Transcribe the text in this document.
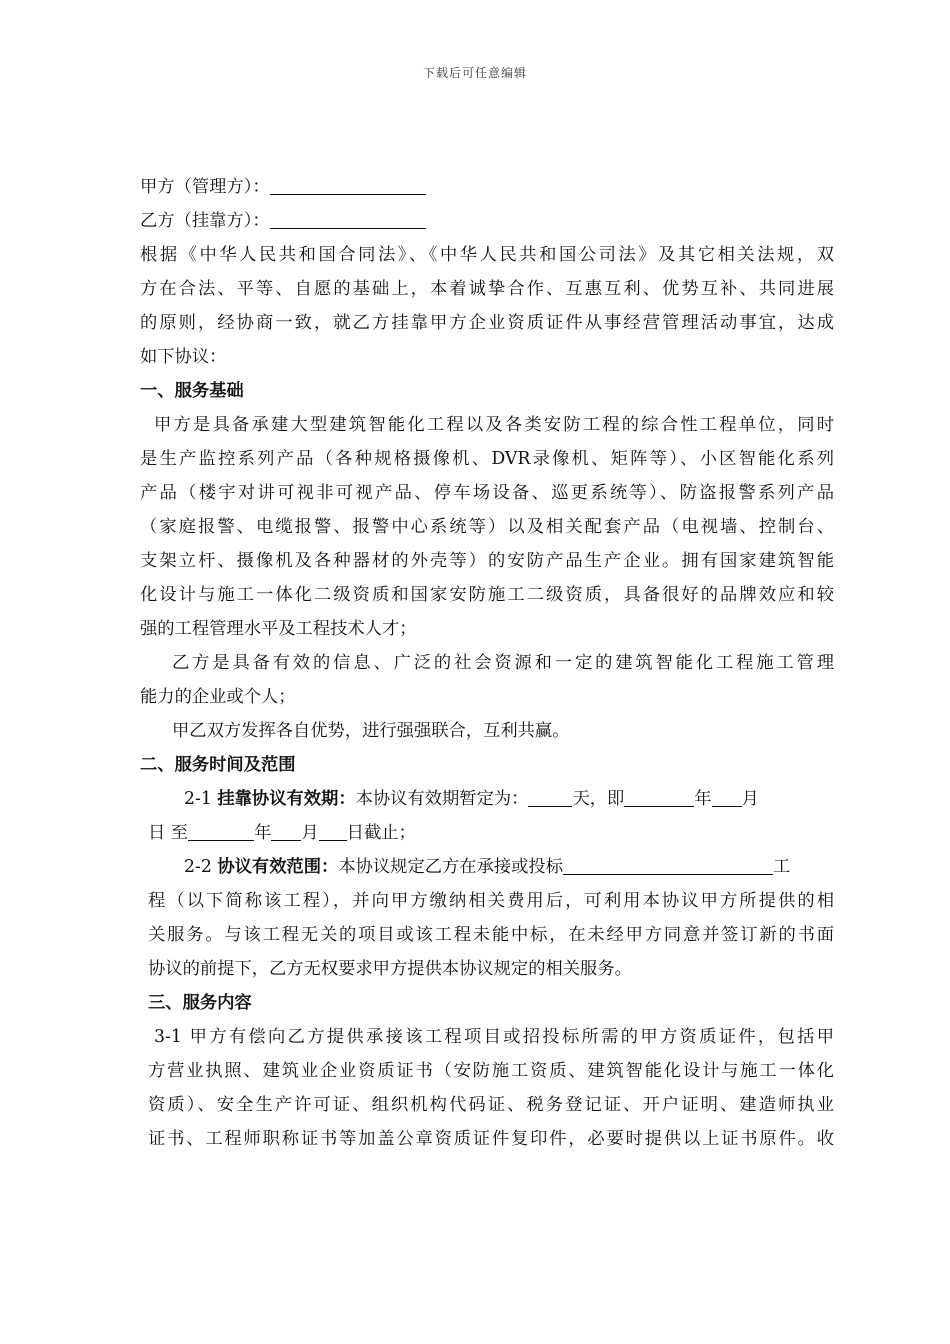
下载后可任意编辑
甲方（管理方）：
乙方（挂靠方）：
根据《中华人民共和国合同法》、《中华人民共和国公司法》及其它相关法规，双
方在合法、平等、自愿的基础上，本着诚挚合作、互惠互利、优势互补、共同进展
的原则，经协商一致，就乙方挂靠甲方企业资质证件从事经营管理活动事宜，达成
如下协议：
一、服务基础
甲方是具备承建大型建筑智能化工程以及各类安防工程的综合性工程单位，同时
是生产监控系列产品（各种规格摄像机、DVR录像机、矩阵等）、小区智能化系列
产品（楼宇对讲可视非可视产品、停车场设备、巡更系统等）、防盗报警系列产品
（家庭报警、电缆报警、报警中心系统等）以及相关配套产品（电视墙、控制台、
支架立杆、摄像机及各种器材的外壳等）的安防产品生产企业。拥有国家建筑智能
化设计与施工一体化二级资质和国家安防施工二级资质，具备很好的品牌效应和较
强的工程管理水平及工程技术人才；
乙方是具备有效的信息、广泛的社会资源和一定的建筑智能化工程施工管理
能力的企业或个人；
甲乙双方发挥各自优势，进行强强联合，互利共赢。
二、服务时间及范围
2-1 挂靠协议有效期：本协议有效期暂定为：	天，即	年 月
日 至	年 月 日截止；
2-2 协议有效范围：本协议规定乙方在承接或投标	工
程（以下简称该工程），并向甲方缴纳相关费用后，可利用本协议甲方所提供的相
关服务。与该工程无关的项目或该工程未能中标，在未经甲方同意并签订新的书面
协议的前提下，乙方无权要求甲方提供本协议规定的相关服务。
三、服务内容
3-1 甲方有偿向乙方提供承接该工程项目或招投标所需的甲方资质证件，包括甲
方营业执照、建筑业企业资质证书（安防施工资质、建筑智能化设计与施工一体化
资质）、安全生产许可证、组织机构代码证、税务登记证、开户证明、建造师执业
证书、工程师职称证书等加盖公章资质证件复印件，必要时提供以上证书原件。收
